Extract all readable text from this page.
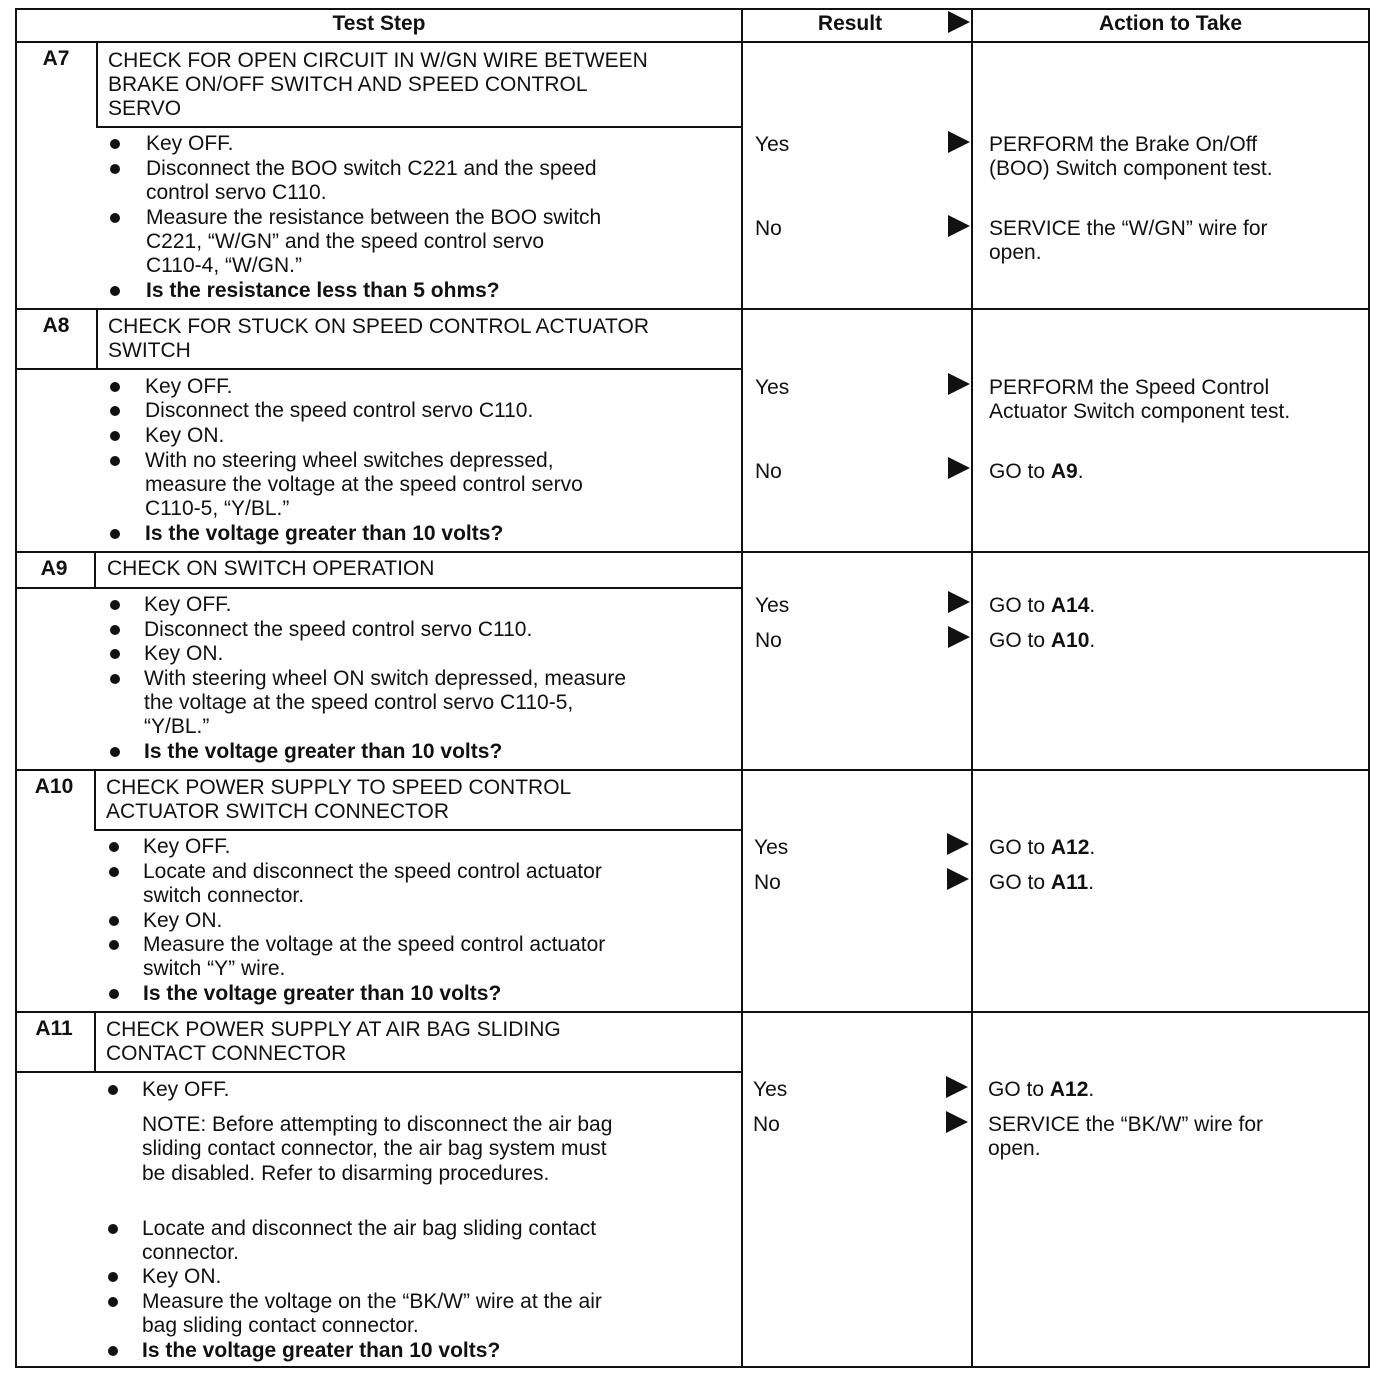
Test Step	Result	Action to Take
A7	CHECK FOR OPEN CIRCUIT IN W/GN WIRE BETWEEN
BRAKE ON/OFF SWITCH AND SPEED CONTROL
SERVO
Key OFF.
Disconnect the BOO switch C221 and the speed
control servo C110.
Measure the resistance between the BOO switch
C221, “W/GN” and the speed control servo
C110-4, “W/GN.”
Is the resistance less than 5 ohms?
Yes	PERFORM the Brake On/Off
(BOO) Switch component test.
No	SERVICE the “W/GN” wire for
open.
A8	CHECK FOR STUCK ON SPEED CONTROL ACTUATOR
SWITCH
Key OFF.
Disconnect the speed control servo C110.
Key ON.
With no steering wheel switches depressed,
measure the voltage at the speed control servo
C110-5, “Y/BL.”
Is the voltage greater than 10 volts?
Yes	PERFORM the Speed Control
Actuator Switch component test.
No	GO to A9.
A9	CHECK ON SWITCH OPERATION
Key OFF.
Disconnect the speed control servo C110.
Key ON.
With steering wheel ON switch depressed, measure
the voltage at the speed control servo C110-5,
“Y/BL.”
Is the voltage greater than 10 volts?
Yes	GO to A14.
No	GO to A10.
A10	CHECK POWER SUPPLY TO SPEED CONTROL
ACTUATOR SWITCH CONNECTOR
Key OFF.
Locate and disconnect the speed control actuator
switch connector.
Key ON.
Measure the voltage at the speed control actuator
switch “Y” wire.
Is the voltage greater than 10 volts?
Yes	GO to A12.
No	GO to A11.
A11	CHECK POWER SUPPLY AT AIR BAG SLIDING
CONTACT CONNECTOR
Key OFF.
NOTE: Before attempting to disconnect the air bag
sliding contact connector, the air bag system must
be disabled. Refer to disarming procedures.
Locate and disconnect the air bag sliding contact
connector.
Key ON.
Measure the voltage on the “BK/W” wire at the air
bag sliding contact connector.
Is the voltage greater than 10 volts?
Yes	GO to A12.
No	SERVICE the “BK/W” wire for
open.
